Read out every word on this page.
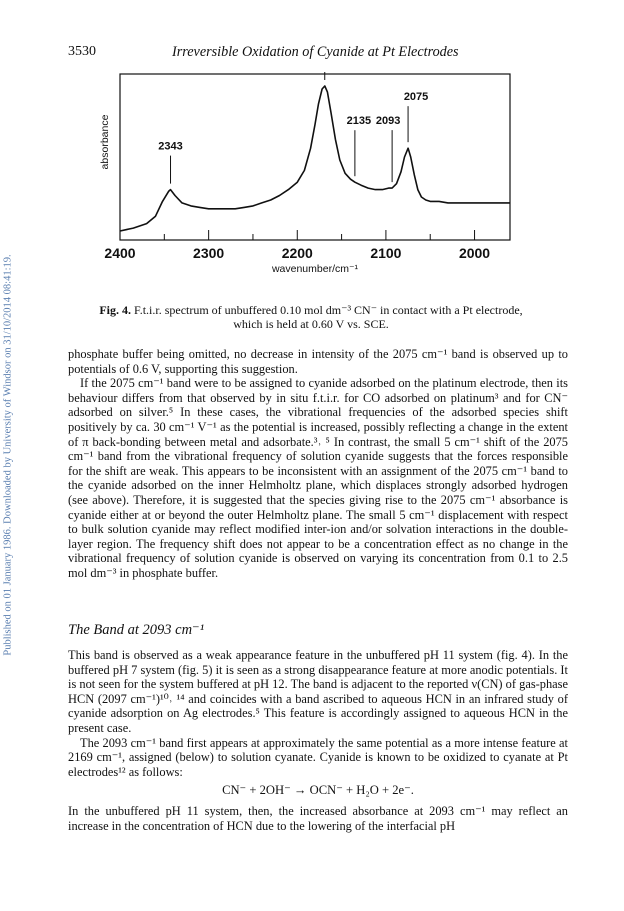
Published on 01 January 1986. Downloaded by University of Windsor on 31/10/2014 08:41:19.
3530	Irreversible Oxidation of Cyanide at Pt Electrodes
2400	2300	2200	2100	2000
wavenumber/cm⁻¹
absorbance	2343
2135 2093
2075
Fig. 4. F.t.i.r. spectrum of unbuffered 0.10 mol dm⁻³ CN⁻ in contact with a Pt electrode, which is held at 0.60 V vs. SCE.

phosphate buffer being omitted, no decrease in intensity of the 2075 cm⁻¹ band is observed up to potentials of 0.6 V, supporting this suggestion.

If the 2075 cm⁻¹ band were to be assigned to cyanide adsorbed on the platinum electrode, then its behaviour differs from that observed by in situ f.t.i.r. for CO adsorbed on platinum³ and for CN⁻ adsorbed on silver.⁵ In these cases, the vibrational frequencies of the adsorbed species shift positively by ca. 30 cm⁻¹ V⁻¹ as the potential is increased, possibly reflecting a change in the extent of π back-bonding between metal and adsorbate.³˒ ⁵ In contrast, the small 5 cm⁻¹ shift of the 2075 cm⁻¹ band from the vibrational frequency of solution cyanide suggests that the forces responsible for the shift are weak. This appears to be inconsistent with an assignment of the 2075 cm⁻¹ band to the cyanide adsorbed on the inner Helmholtz plane, which displaces strongly adsorbed hydrogen (see above). Therefore, it is suggested that the species giving rise to the 2075 cm⁻¹ absorbance is cyanide either at or beyond the outer Helmholtz plane. The small 5 cm⁻¹ displacement with respect to bulk solution cyanide may reflect modified inter-ion and/or solvation interactions in the double-layer region. The frequency shift does not appear to be a concentration effect as no change in the vibrational frequency of solution cyanide is observed on varying its concentration from 0.1 to 2.5 mol dm⁻³ in phosphate buffer.

The Band at 2093 cm⁻¹

This band is observed as a weak appearance feature in the unbuffered pH 11 system (fig. 4). In the buffered pH 7 system (fig. 5) it is seen as a strong disappearance feature at more anodic potentials. It is not seen for the system buffered at pH 12. The band is adjacent to the reported ν(CN) of gas-phase HCN (2097 cm⁻¹)¹⁰˒ ¹⁴ and coincides with a band ascribed to aqueous HCN in an infrared study of cyanide adsorption on Ag electrodes.⁵ This feature is accordingly assigned to aqueous HCN in the present case.

The 2093 cm⁻¹ band first appears at approximately the same potential as a more intense feature at 2169 cm⁻¹, assigned (below) to solution cyanate. Cyanide is known to be oxidized to cyanate at Pt electrodes¹² as follows:

CN⁻ + 2OH⁻ → OCN⁻ + H₂O + 2e⁻.

In the unbuffered pH 11 system, then, the increased absorbance at 2093 cm⁻¹ may reflect an increase in the concentration of HCN due to the lowering of the interfacial pH
